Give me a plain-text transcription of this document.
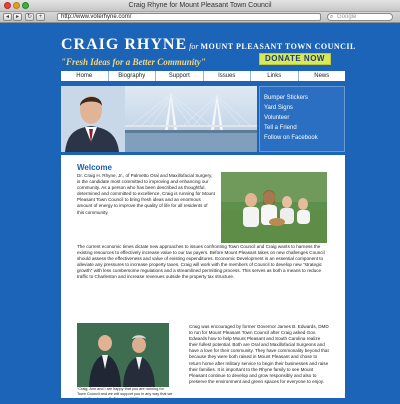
Craig Rhyne for Mount Pleasant Town Council
◂	▸	↻	+	http://www.voterhyne.com/	⌕ Google
CRAIG RHYNE for MOUNT PLEASANT TOWN COUNCIL
"Fresh Ideas for a Better Community"	DONATE NOW
Home	Biography	Support	Issues	Links	News
Bumper Stickers
Yard Signs
Volunteer
Tell a Friend
Follow on Facebook
Welcome

Dr. Craig H. Rhyne, Jr., of Palmetto Oral and Maxillofacial Surgery, is the candidate most committed to improving and enhancing our community. As a person who has been described as thoughtful, determined and committed to excellence, Craig is running for Mount Pleasant Town Council to bring fresh ideas and an enormous amount of energy to improve the quality of life for all residents of this community.

The current economic times dictate new approaches to issues confronting Town Council and Craig wants to harness the existing resources to effectively increase value to our tax payers. Before Mount Pleasant takes on new challenges Council should assess the effectiveness and value of existing expenditures. Economic Development is an essential component to alleviate any pressures to increase property taxes. Craig will work with the members of Council to develop new "strategic growth" with less cumbersome regulations and a streamlined permitting process. This serves as both a means to reduce traffic to Charleston and increase revenues outside the property tax structure.

"Craig, Ann and I are happy that you are running for Town Council and we will support you in any way that we

Craig was encouraged by former Governor James B. Edwards, DMD to run for Mount Pleasant Town Council after Craig asked Gov. Edwards how to help Mount Pleasant and South Carolina realize their fullest potential. Both are Oral and Maxillofacial Surgeons and have a love for their community. They have commonality beyond that because they were both raised in Mount Pleasant and chose to return home after military service to begin their businesses and raise their families. It is important to the Rhyne family to see Mount Pleasant continue to develop and grow responsibly and also to preserve the environment and green spaces for everyone to enjoy.
